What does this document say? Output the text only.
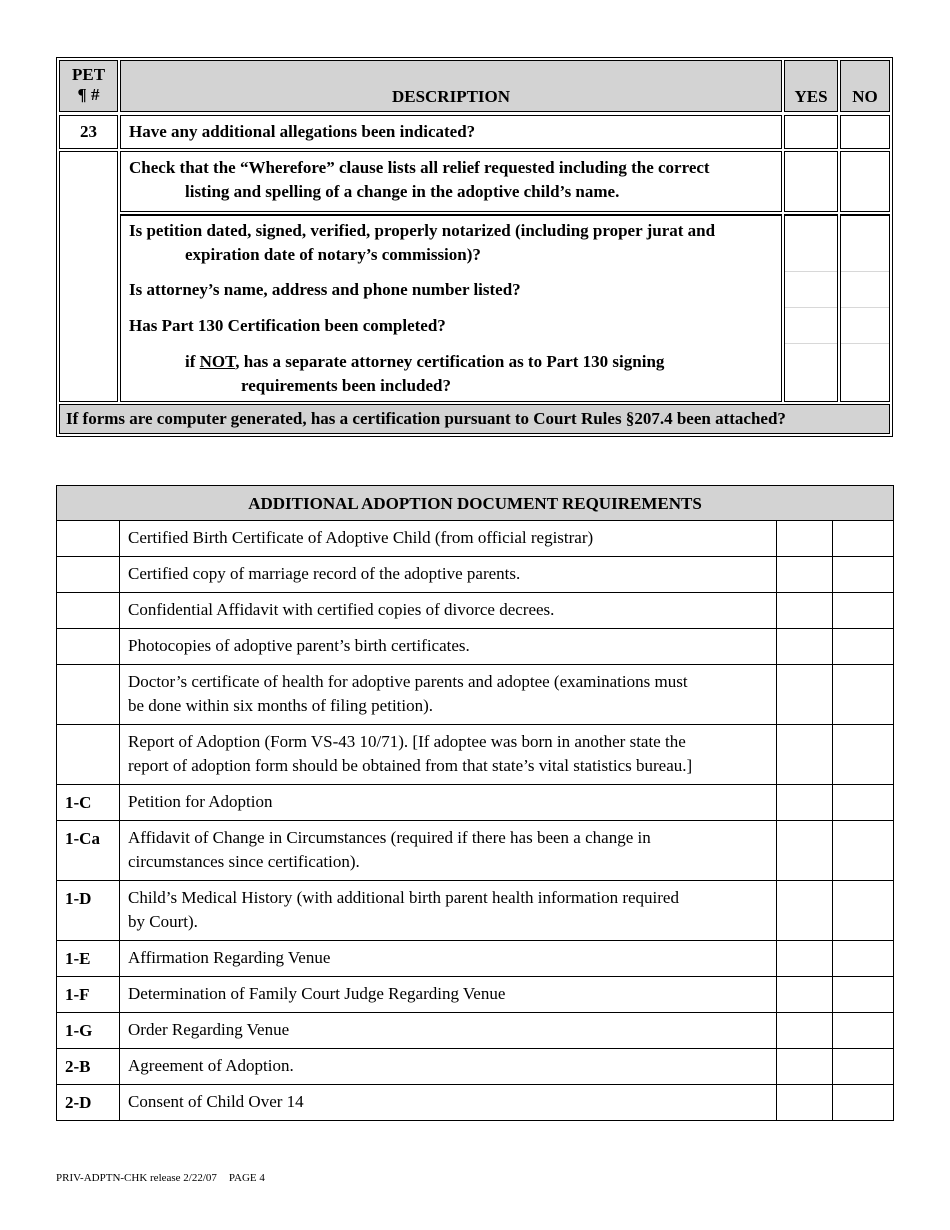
PET
¶ #	DESCRIPTION	YES	NO
23	Have any additional allegations been indicated?
Check that the “Wherefore” clause lists all relief requested including the correct
listing and spelling of a change in the adoptive child’s name.
Is petition dated, signed, verified, properly notarized (including proper jurat and
expiration date of notary’s commission)?
Is attorney’s name, address and phone number listed?
Has Part 130 Certification been completed?
if NOT, has a separate attorney certification as to Part 130 signing
requirements been included?
If forms are computer generated, has a certification pursuant to Court Rules §207.4 been attached?
ADDITIONAL ADOPTION DOCUMENT REQUIREMENTS
Certified Birth Certificate of Adoptive Child (from official registrar)
Certified copy of marriage record of the adoptive parents.
Confidential Affidavit with certified copies of divorce decrees.
Photocopies of adoptive parent’s birth certificates.
Doctor’s certificate of health for adoptive parents and adoptee (examinations must
be done within six months of filing petition).
Report of Adoption (Form VS-43 10/71). [If adoptee was born in another state the
report of adoption form should be obtained from that state’s vital statistics bureau.]
1-C	Petition for Adoption
1-Ca	Affidavit of Change in Circumstances (required if there has been a change in
circumstances since certification).
1-D	Child’s Medical History (with additional birth parent health information required
by Court).
1-E	Affirmation Regarding Venue
1-F	Determination of Family Court Judge Regarding Venue
1-G	Order Regarding Venue
2-B	Agreement of Adoption.
2-D	Consent of Child Over 14
PRIV-ADPTN-CHK release 2/22/07 PAGE 4
